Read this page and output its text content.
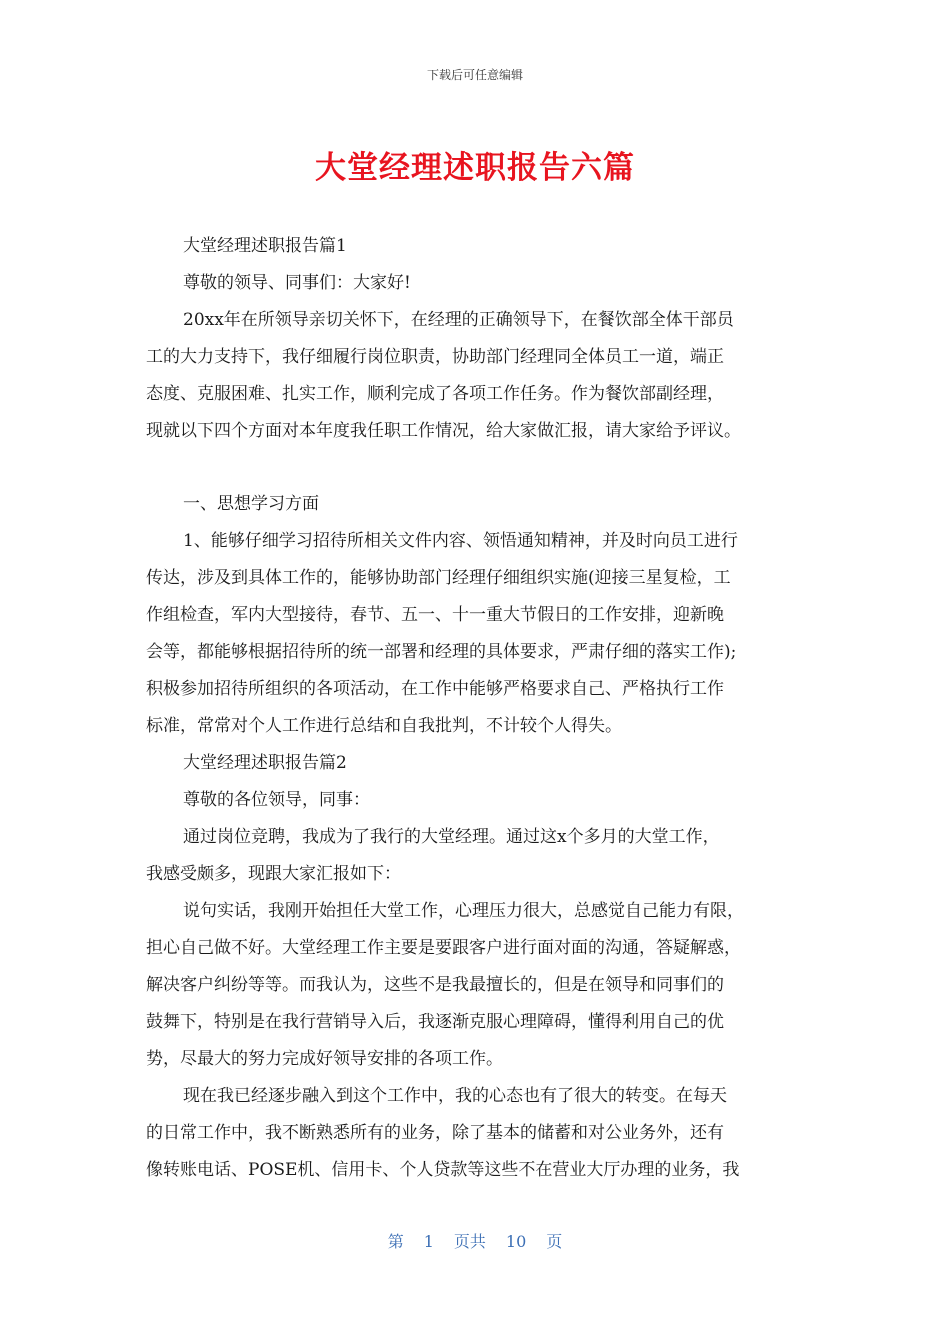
下载后可任意编辑
大堂经理述职报告六篇
大堂经理述职报告篇1
尊敬的领导、同事们：大家好!
20xx年在所领导亲切关怀下，在经理的正确领导下，在餐饮部全体干部员
工的大力支持下，我仔细履行岗位职责，协助部门经理同全体员工一道，端正
态度、克服困难、扎实工作，顺利完成了各项工作任务。作为餐饮部副经理，
现就以下四个方面对本年度我任职工作情况，给大家做汇报，请大家给予评议。
一、思想学习方面
1、能够仔细学习招待所相关文件内容、领悟通知精神，并及时向员工进行
传达，涉及到具体工作的，能够协助部门经理仔细组织实施(迎接三星复检，工
作组检查，军内大型接待，春节、五一、十一重大节假日的工作安排，迎新晚
会等，都能够根据招待所的统一部署和经理的具体要求，严肃仔细的落实工作);
积极参加招待所组织的各项活动，在工作中能够严格要求自己、严格执行工作
标准，常常对个人工作进行总结和自我批判，不计较个人得失。
大堂经理述职报告篇2
尊敬的各位领导，同事：
通过岗位竞聘，我成为了我行的大堂经理。通过这x个多月的大堂工作，
我感受颇多，现跟大家汇报如下：
说句实话，我刚开始担任大堂工作，心理压力很大，总感觉自己能力有限，
担心自己做不好。大堂经理工作主要是要跟客户进行面对面的沟通，答疑解惑，
解决客户纠纷等等。而我认为，这些不是我最擅长的，但是在领导和同事们的
鼓舞下，特别是在我行营销导入后，我逐渐克服心理障碍，懂得利用自己的优
势，尽最大的努力完成好领导安排的各项工作。
现在我已经逐步融入到这个工作中，我的心态也有了很大的转变。在每天
的日常工作中，我不断熟悉所有的业务，除了基本的储蓄和对公业务外，还有
像转账电话、POSE机、信用卡、个人贷款等这些不在营业大厅办理的业务，我
第 1 页共 10 页
